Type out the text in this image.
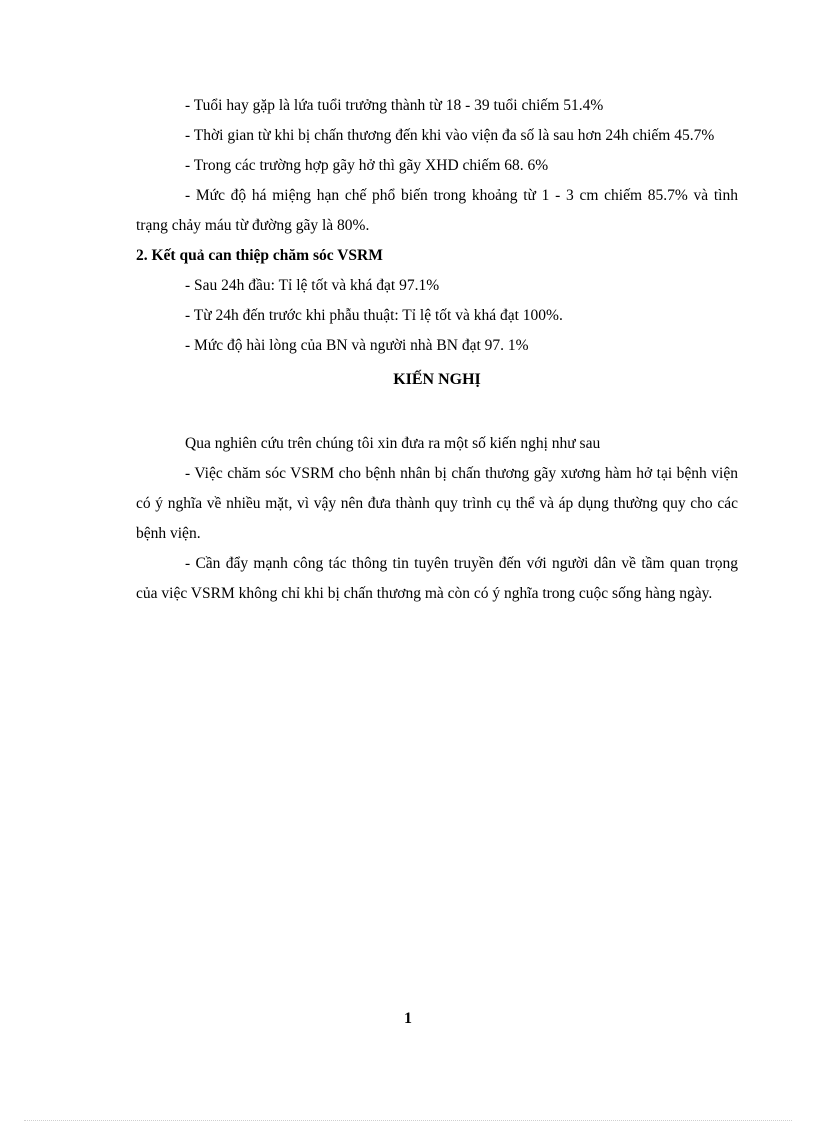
- Tuổi hay gặp là lứa tuổi trưởng thành từ 18 - 39 tuổi chiếm 51.4%

- Thời gian từ khi bị chấn thương đến khi vào viện đa số là sau hơn 24h chiếm 45.7%

- Trong các trường hợp gãy hở thì gãy XHD chiếm 68. 6%

- Mức độ há miệng hạn chế phổ biến trong khoảng từ 1 - 3 cm chiếm 85.7% và tình trạng chảy máu từ đường gãy là 80%.

2. Kết quả can thiệp chăm sóc VSRM

- Sau 24h đầu: Tỉ lệ tốt và khá đạt 97.1%

- Từ 24h đến trước khi phẫu thuật: Tỉ lệ tốt và khá đạt 100%.

- Mức độ hài lòng của BN và người nhà BN đạt 97. 1%

KIẾN NGHỊ

Qua nghiên cứu trên chúng tôi xin đưa ra một số kiến nghị như sau

- Việc chăm sóc VSRM cho bệnh nhân bị chấn thương gãy xương hàm hở tại bệnh viện có ý nghĩa về nhiều mặt, vì vậy nên đưa thành quy trình cụ thể và áp dụng thường quy cho các bệnh viện.

- Cần đẩy mạnh công tác thông tin tuyên truyền đến với người dân về tầm quan trọng của việc VSRM không chỉ khi bị chấn thương mà còn có ý nghĩa trong cuộc sống hàng ngày.

1
